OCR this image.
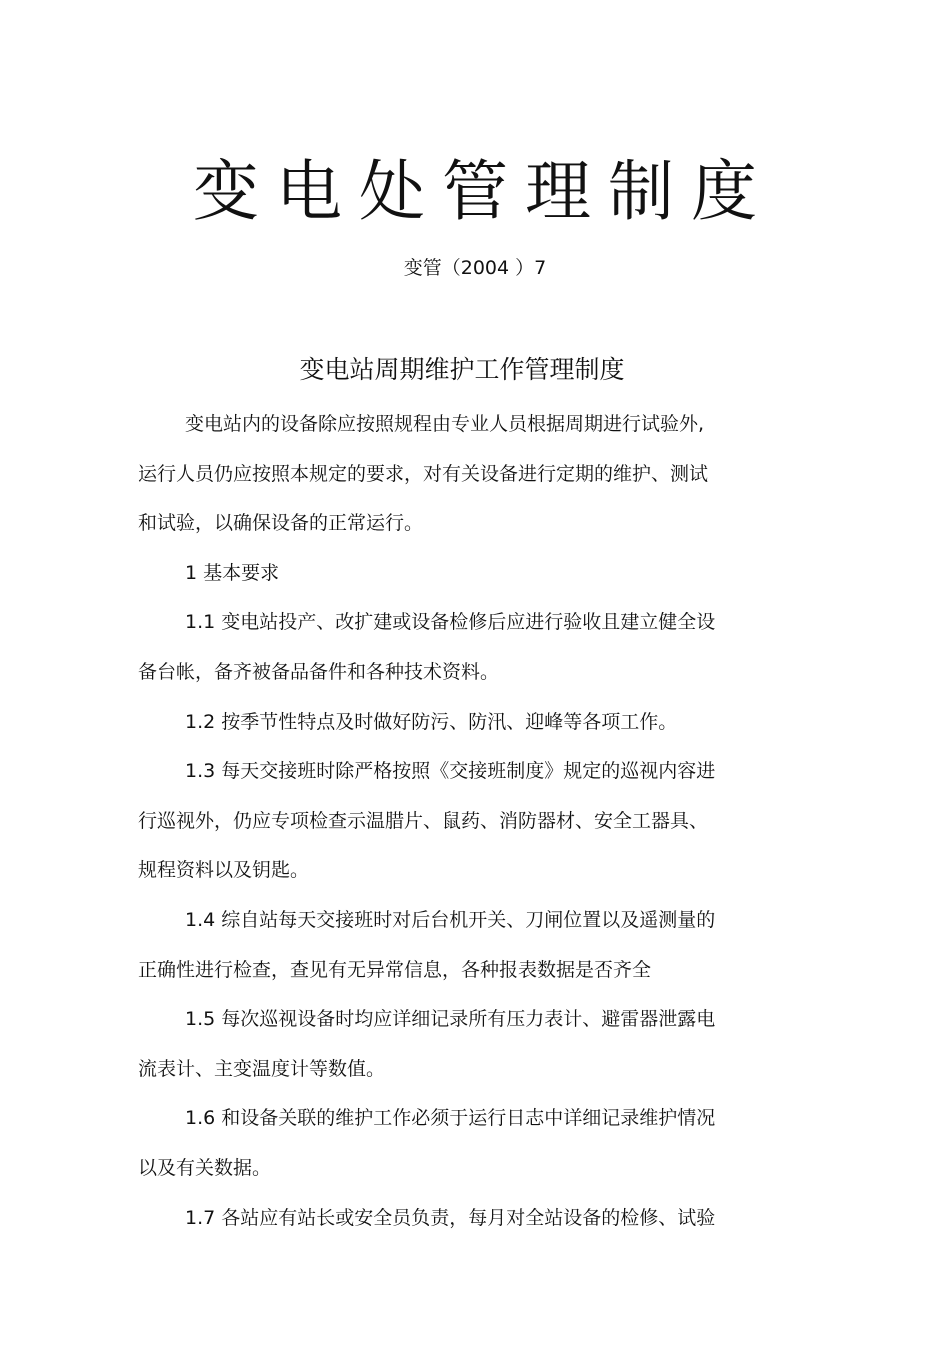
变电处管理制度
变管（2004 ）7
变电站周期维护工作管理制度
变电站内的设备除应按照规程由专业人员根据周期进行试验外,
运行人员仍应按照本规定的要求，对有关设备进行定期的维护、测试
和试验，以确保设备的正常运行。
1 基本要求
1.1 变电站投产、改扩建或设备检修后应进行验收且建立健全设
备台帐，备齐被备品备件和各种技术资料。
1.2 按季节性特点及时做好防污、防汛、迎峰等各项工作。
1.3 每天交接班时除严格按照《交接班制度》规定的巡视内容进
行巡视外，仍应专项检查示温腊片、鼠药、消防器材、安全工器具、
规程资料以及钥匙。
1.4 综自站每天交接班时对后台机开关、刀闸位置以及遥测量的
正确性进行检查，查见有无异常信息，各种报表数据是否齐全
1.5 每次巡视设备时均应详细记录所有压力表计、避雷器泄露电
流表计、主变温度计等数值。
1.6 和设备关联的维护工作必须于运行日志中详细记录维护情况
以及有关数据。
1.7 各站应有站长或安全员负责，每月对全站设备的检修、试验
